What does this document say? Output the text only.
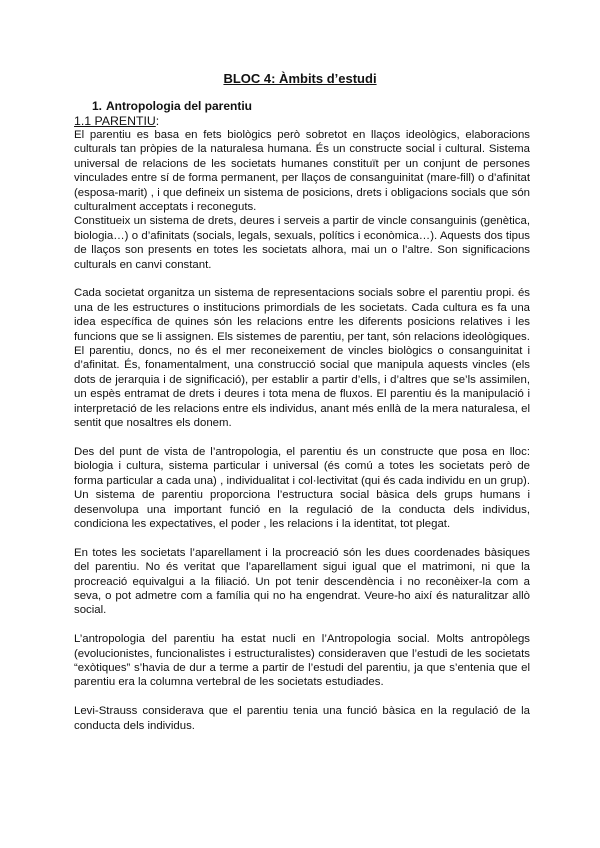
BLOC 4: Àmbits d’estudi
1. Antropologia del parentiu
1.1 PARENTIU:

El parentiu es basa en fets biològics però sobretot en llaços ideològics, elaboracions culturals tan pròpies de la naturalesa humana. És un constructe social i cultural. Sistema universal de relacions de les societats humanes constituït per un conjunt de persones vinculades entre sí de forma permanent, per llaços de consanguinitat (mare-fill) o d’afinitat (esposa-marit) , i que defineix un sistema de posicions, drets i obligacions socials que són culturalment acceptats i reconeguts.

Constitueix un sistema de drets, deures i serveis a partir de vincle consanguinis (genètica, biologia…) o d’afinitats (socials, legals, sexuals, polítics i econòmica…). Aquests dos tipus de llaços son presents en totes les societats alhora, mai un o l’altre. Son significacions culturals en canvi constant.

Cada societat organitza un sistema de representacions socials sobre el parentiu propi. és una de les estructures o institucions primordials de les societats. Cada cultura es fa una idea específica de quines són les relacions entre les diferents posicions relatives i les funcions que se li assignen. Els sistemes de parentiu, per tant, són relacions ideològiques.

El parentiu, doncs, no és el mer reconeixement de vincles biològics o consanguinitat i d’afinitat. És, fonamentalment, una construcció social que manipula aquests vincles (els dots de jerarquia i de significació), per establir a partir d’ells, i d’altres que se’ls assimilen, un espès entramat de drets i deures i tota mena de fluxos. El parentiu és la manipulació i interpretació de les relacions entre els individus, anant més enllà de la mera naturalesa, el sentit que nosaltres els donem.

Des del punt de vista de l’antropologia, el parentiu és un constructe que posa en lloc: biologia i cultura, sistema particular i universal (és comú a totes les societats però de forma particular a cada una) , individualitat i col·lectivitat (qui és cada individu en un grup). Un sistema de parentiu proporciona l’estructura social bàsica dels grups humans i desenvolupa una important funció en la regulació de la conducta dels individus, condiciona les expectatives, el poder , les relacions i la identitat, tot plegat.

En totes les societats l’aparellament i la procreació són les dues coordenades bàsiques del parentiu. No és veritat que l’aparellament sigui igual que el matrimoni, ni que la procreació equivalgui a la filiació. Un pot tenir descendència i no reconèixer-la com a seva, o pot admetre com a família qui no ha engendrat. Veure-ho així és naturalitzar allò social.

L’antropologia del parentiu ha estat nucli en l’Antropologia social. Molts antropòlegs (evolucionistes, funcionalistes i estructuralistes) consideraven que l’estudi de les societats “exòtiques” s’havia de dur a terme a partir de l’estudi del parentiu, ja que s’entenia que el parentiu era la columna vertebral de les societats estudiades.

Levi-Strauss considerava que el parentiu tenia una funció bàsica en la regulació de la conducta dels individus.
